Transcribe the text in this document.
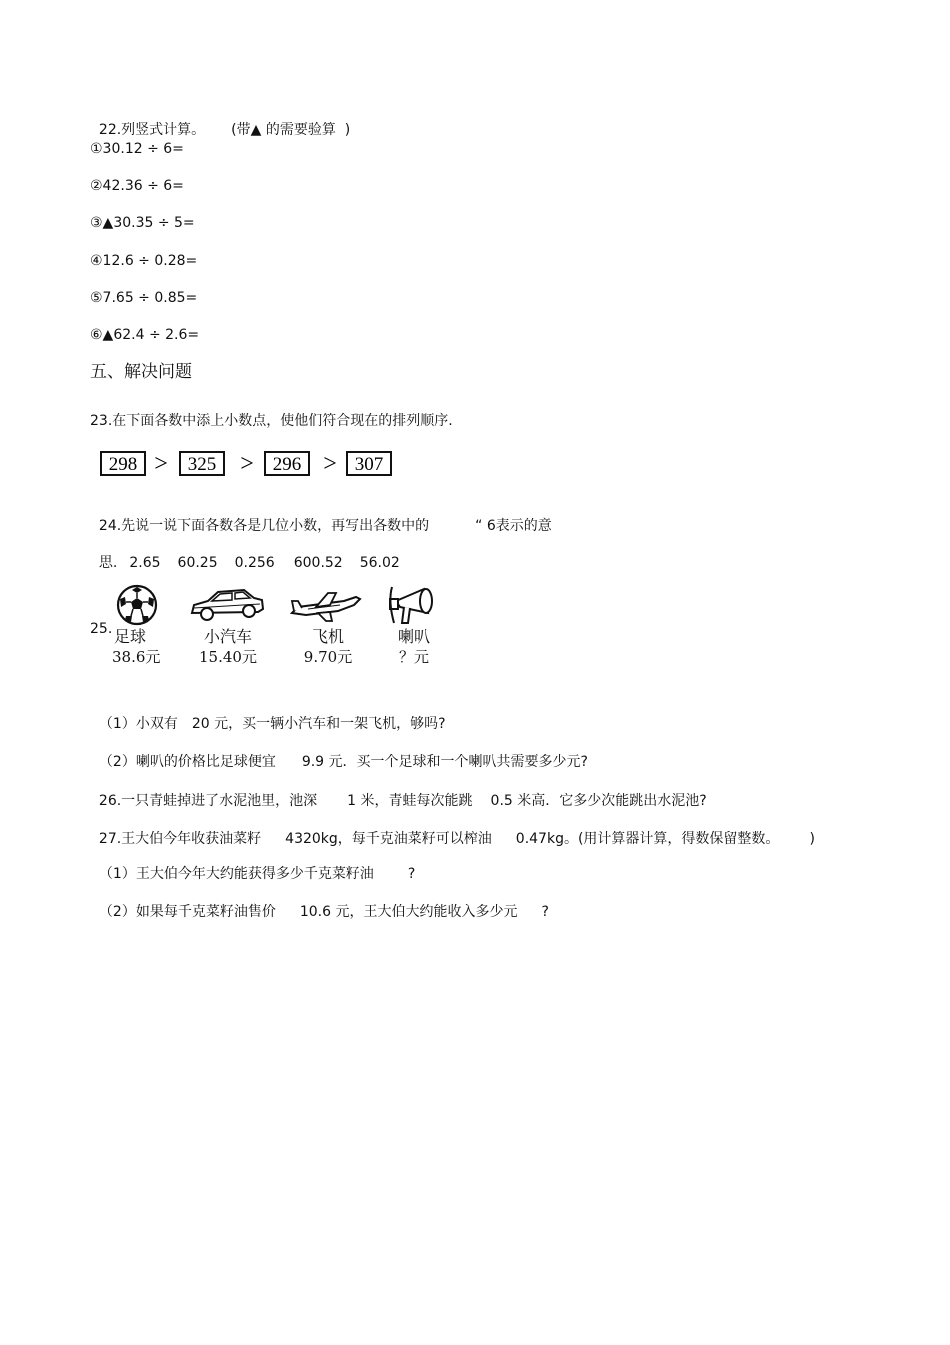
22.列竖式计算。 (带▲ 的需要验算  )

①30.12 ÷ 6=
②42.36 ÷ 6=
③▲30.35 ÷ 5=
④12.6 ÷ 0.28=
⑤7.65 ÷ 0.85=
⑥▲62.4 ÷ 2.6=
五、解决问题
23.在下面各数中添上小数点，使他们符合现在的排列顺序.
298 > 325 > 296 > 307

24.先说一说下面各数各是几位小数，再写出各数中的	“ 6表示的意

思. 2.65 60.25 0.256 600.52 56.02

25. 足球
38.6元
小汽车
15.40元
飞机
9.70元
喇叭
？元

（1）小双有 20 元，买一辆小汽车和一架飞机，够吗?

（2）喇叭的价格比足球便宜 9.9 元．买一个足球和一个喇叭共需要多少元?

26.一只青蛙掉进了水泥池里，池深 1 米，青蛙每次能跳 0.5 米高．它多少次能跳出水泥池?

27.王大伯今年收获油菜籽 4320kg，每千克油菜籽可以榨油 0.47kg。(用计算器计算，得数保留整数。 )

（1）王大伯今年大约能获得多少千克菜籽油 ?

（2）如果每千克菜籽油售价 10.6 元，王大伯大约能收入多少元 ?
